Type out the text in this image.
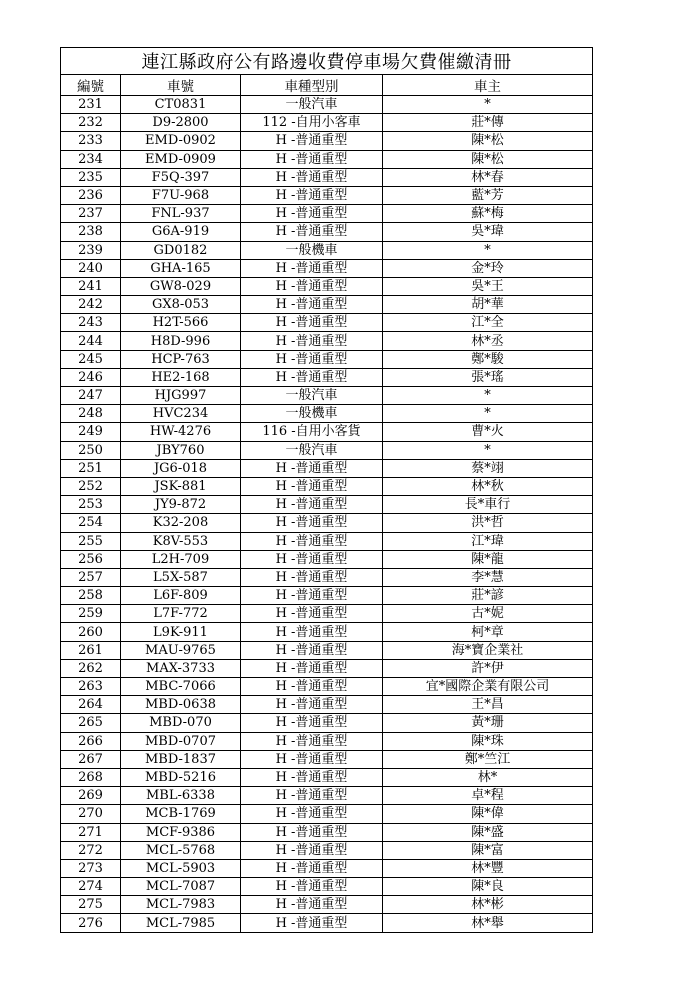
連江縣政府公有路邊收費停車場欠費催繳清冊			
編號	車號	車種型別	車主
231	CT0831	一般汽車	*
232	D9-2800	112 -自用小客車	莊*傳
233	EMD-0902	H -普通重型	陳*松
234	EMD-0909	H -普通重型	陳*松
235	F5Q-397	H -普通重型	林*春
236	F7U-968	H -普通重型	藍*芳
237	FNL-937	H -普通重型	蘇*梅
238	G6A-919	H -普通重型	吳*瑋
239	GD0182	一般機車	*
240	GHA-165	H -普通重型	金*玲
241	GW8-029	H -普通重型	吳*王
242	GX8-053	H -普通重型	胡*華
243	H2T-566	H -普通重型	江*全
244	H8D-996	H -普通重型	林*丞
245	HCP-763	H -普通重型	鄭*駿
246	HE2-168	H -普通重型	張*瑤
247	HJG997	一般汽車	*
248	HVC234	一般機車	*
249	HW-4276	116 -自用小客貨	曹*火
250	JBY760	一般汽車	*
251	JG6-018	H -普通重型	蔡*翊
252	JSK-881	H -普通重型	林*秋
253	JY9-872	H -普通重型	長*車行
254	K32-208	H -普通重型	洪*哲
255	K8V-553	H -普通重型	江*瑋
256	L2H-709	H -普通重型	陳*龍
257	L5X-587	H -普通重型	李*慧
258	L6F-809	H -普通重型	莊*諺
259	L7F-772	H -普通重型	古*妮
260	L9K-911	H -普通重型	柯*章
261	MAU-9765	H -普通重型	海*寶企業社
262	MAX-3733	H -普通重型	許*伊
263	MBC-7066	H -普通重型	宜*國際企業有限公司
264	MBD-0638	H -普通重型	王*昌
265	MBD-070	H -普通重型	黃*珊
266	MBD-0707	H -普通重型	陳*珠
267	MBD-1837	H -普通重型	鄭*竺江
268	MBD-5216	H -普通重型	林*
269	MBL-6338	H -普通重型	卓*程
270	MCB-1769	H -普通重型	陳*偉
271	MCF-9386	H -普通重型	陳*盛
272	MCL-5768	H -普通重型	陳*富
273	MCL-5903	H -普通重型	林*豐
274	MCL-7087	H -普通重型	陳*良
275	MCL-7983	H -普通重型	林*彬
276	MCL-7985	H -普通重型	林*舉
